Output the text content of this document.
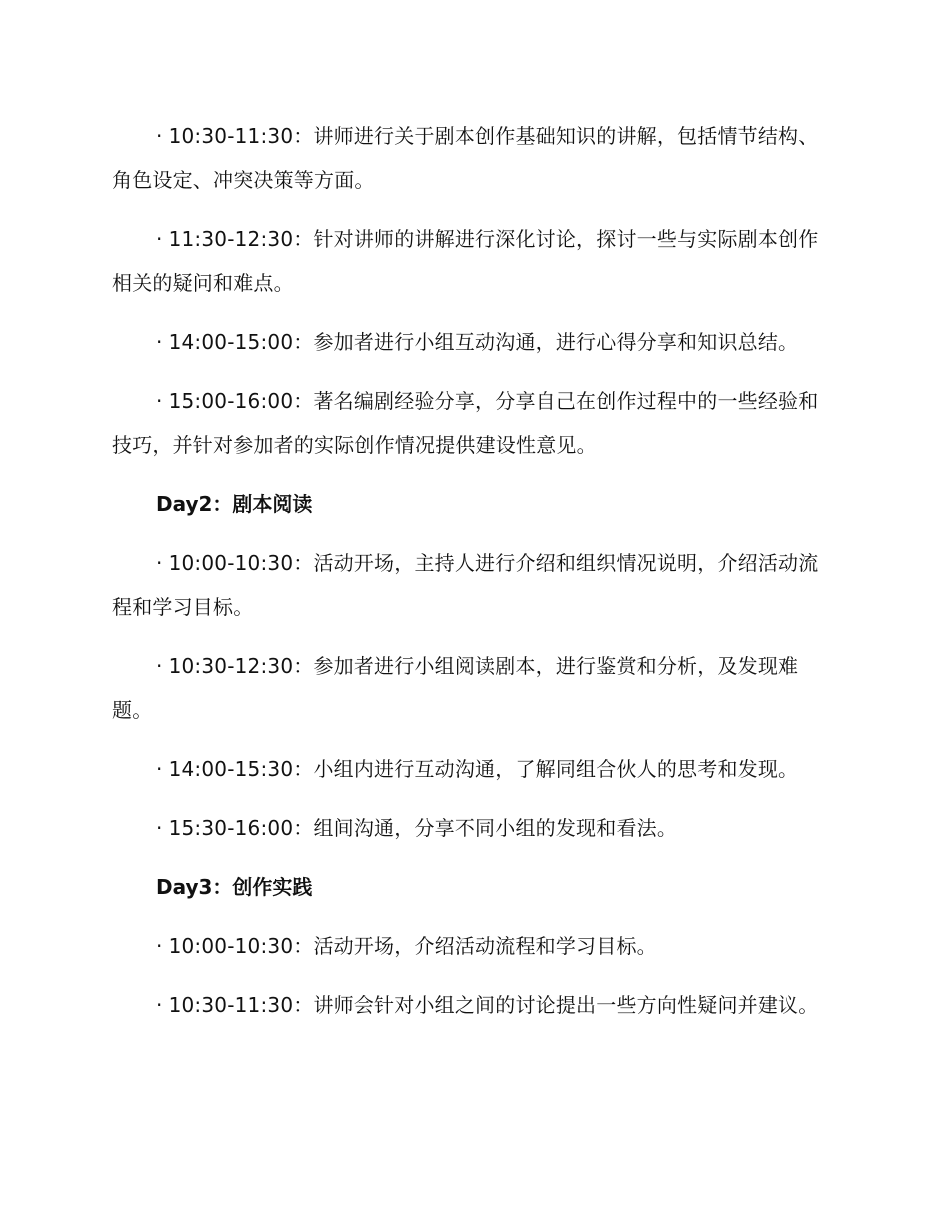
· 10:30-11:30：讲师进行关于剧本创作基础知识的讲解，包括情节结构、角色设定、冲突决策等方面。

· 11:30-12:30：针对讲师的讲解进行深化讨论，探讨一些与实际剧本创作相关的疑问和难点。

· 14:00-15:00：参加者进行小组互动沟通，进行心得分享和知识总结。

· 15:00-16:00：著名编剧经验分享，分享自己在创作过程中的一些经验和技巧，并针对参加者的实际创作情况提供建设性意见。

Day2：剧本阅读

· 10:00-10:30：活动开场，主持人进行介绍和组织情况说明，介绍活动流程和学习目标。

· 10:30-12:30：参加者进行小组阅读剧本，进行鉴赏和分析，及发现难题。

· 14:00-15:30：小组内进行互动沟通，了解同组合伙人的思考和发现。

· 15:30-16:00：组间沟通，分享不同小组的发现和看法。

Day3：创作实践

· 10:00-10:30：活动开场，介绍活动流程和学习目标。

· 10:30-11:30：讲师会针对小组之间的讨论提出一些方向性疑问并建议。
